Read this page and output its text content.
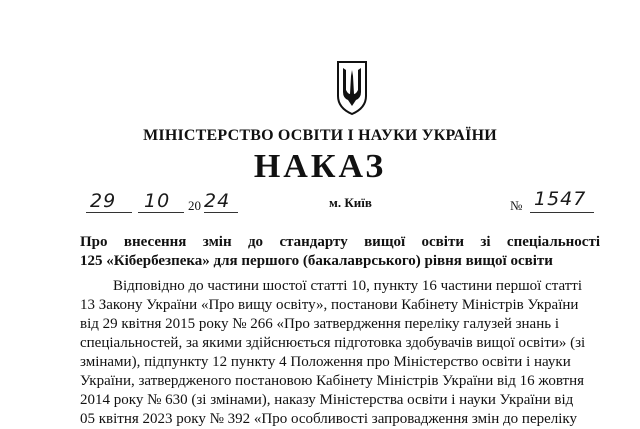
МІНІСТЕРСТВО ОСВІТИ І НАУКИ УКРАЇНИ
НАКАЗ
29 10 20 24	м. Київ	№ 1547
Про внесення змін до стандарту вищої освіти зі спеціальності
125 «Кібербезпека» для першого (бакалаврського) рівня вищої освіти
Відповідно до частини шостої статті 10, пункту 16 частини першої статті
13 Закону України «Про вищу освіту», постанови Кабінету Міністрів України
від 29 квітня 2015 року № 266 «Про затвердження переліку галузей знань і
спеціальностей, за якими здійснюється підготовка здобувачів вищої освіти» (зі
змінами), підпункту 12 пункту 4 Положення про Міністерство освіти і науки
України, затвердженого постановою Кабінету Міністрів України від 16 жовтня
2014 року № 630 (зі змінами), наказу Міністерства освіти і науки України від
05 квітня 2023 року № 392 «Про особливості запровадження змін до переліку
